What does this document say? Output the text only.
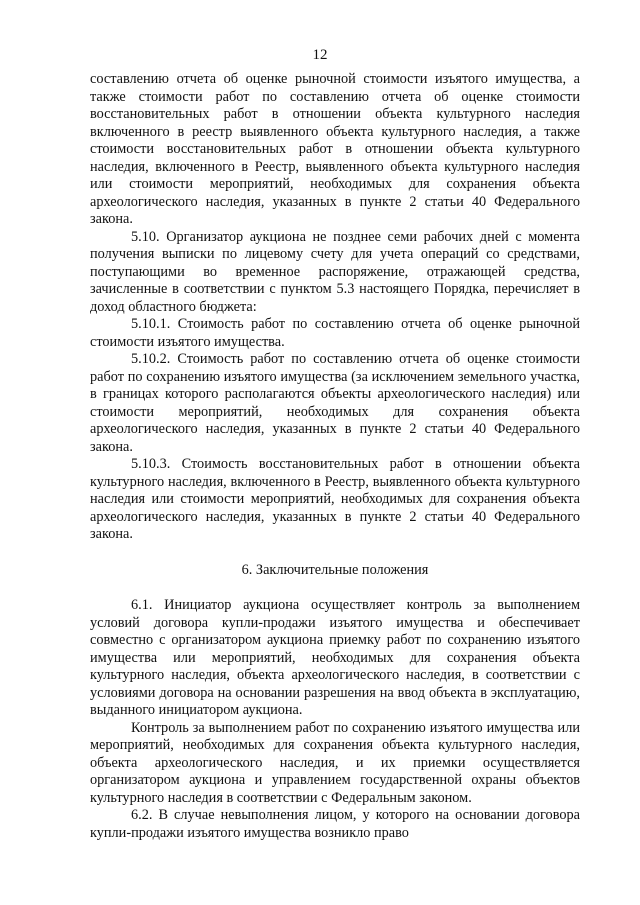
12

составлению отчета об оценке рыночной стоимости изъятого имущества, а также стоимости работ по составлению отчета об оценке стоимости восстановительных работ в отношении объекта культурного наследия включенного в реестр выявленного объекта культурного наследия, а также стоимости восстановительных работ в отношении объекта культурного наследия, включенного в Реестр, выявленного объекта культурного наследия или стоимости мероприятий, необходимых для сохранения объекта археологического наследия, указанных в пункте 2 статьи 40 Федерального закона.

5.10. Организатор аукциона не позднее семи рабочих дней с момента получения выписки по лицевому счету для учета операций со средствами, поступающими во временное распоряжение, отражающей средства, зачисленные в соответствии с пунктом 5.3 настоящего Порядка, перечисляет в доход областного бюджета:

5.10.1. Стоимость работ по составлению отчета об оценке рыночной стоимости изъятого имущества.

5.10.2. Стоимость работ по составлению отчета об оценке стоимости работ по сохранению изъятого имущества (за исключением земельного участка, в границах которого располагаются объекты археологического наследия) или стоимости мероприятий, необходимых для сохранения объекта археологического наследия, указанных в пункте 2 статьи 40 Федерального закона.

5.10.3. Стоимость восстановительных работ в отношении объекта культурного наследия, включенного в Реестр, выявленного объекта культурного наследия или стоимости мероприятий, необходимых для сохранения объекта археологического наследия, указанных в пункте 2 статьи 40 Федерального закона.

6. Заключительные положения

6.1. Инициатор аукциона осуществляет контроль за выполнением условий договора купли-продажи изъятого имущества и обеспечивает совместно с организатором аукциона приемку работ по сохранению изъятого имущества или мероприятий, необходимых для сохранения объекта культурного наследия, объекта археологического наследия, в соответствии с условиями договора на основании разрешения на ввод объекта в эксплуатацию, выданного инициатором аукциона.

Контроль за выполнением работ по сохранению изъятого имущества или мероприятий, необходимых для сохранения объекта культурного наследия, объекта археологического наследия, и их приемки осуществляется организатором аукциона и управлением государственной охраны объектов культурного наследия в соответствии с Федеральным законом.

6.2. В случае невыполнения лицом, у которого на основании договора купли-продажи изъятого имущества возникло право
